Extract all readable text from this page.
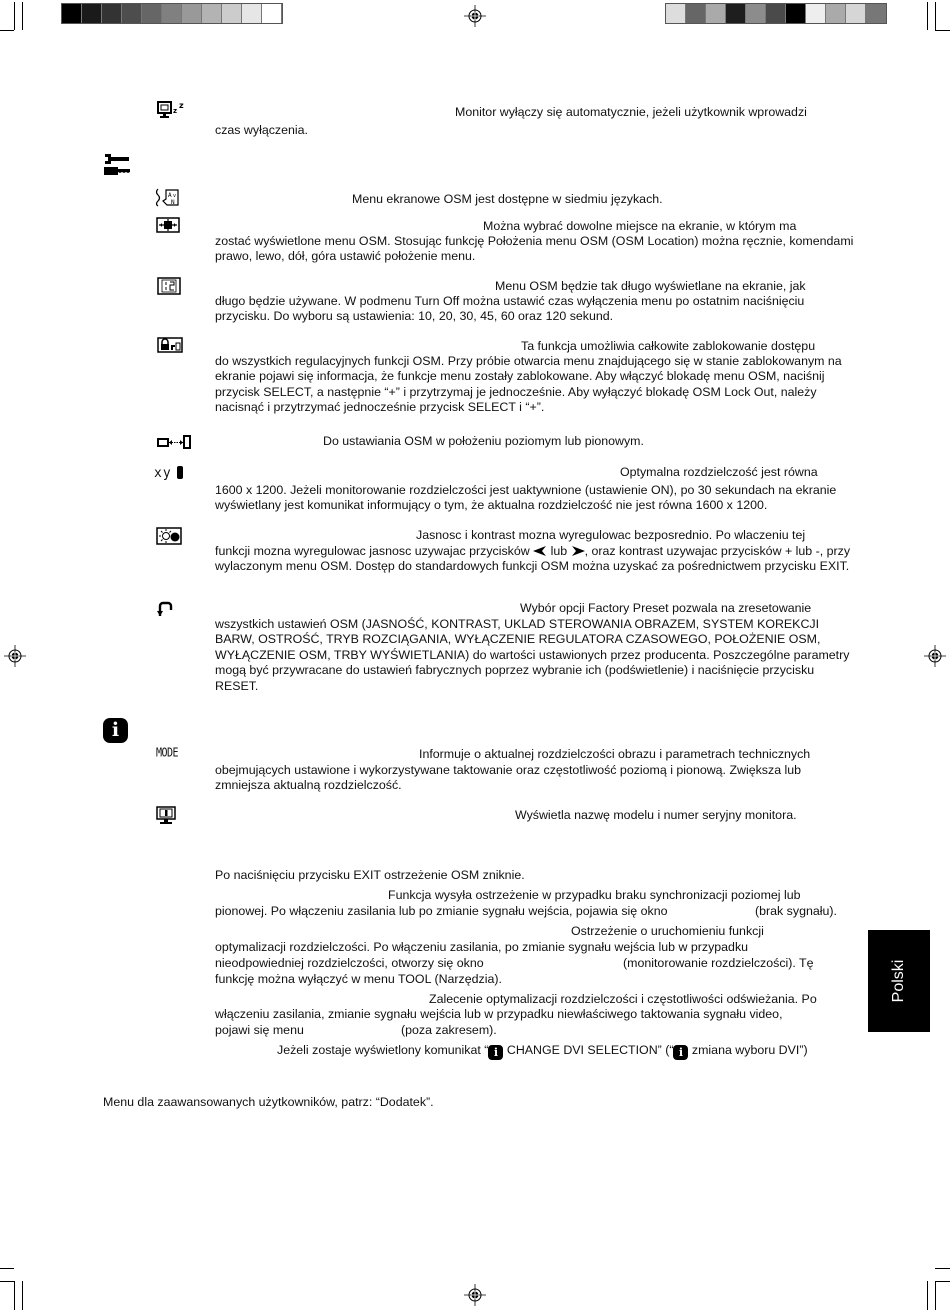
Polski
z
z	Monitor wyłączy się automatycznie, jeżeli użytkownik wprowadzi
czas wyłączenia.
A v
N	Menu ekranowe OSM jest dostępne w siedmiu językach.
Można wybrać dowolne miejsce na ekranie, w którym ma
zostać wyświetlone menu OSM. Stosując funkcję Położenia menu OSM (OSM Location) można ręcznie, komendami prawo, lewo, dół, góra ustawić położenie menu.
Menu OSM będzie tak długo wyświetlane na ekranie, jak
długo będzie używane. W podmenu Turn Off można ustawić czas wyłączenia menu po ostatnim naciśnięciu przycisku. Do wyboru są ustawienia: 10, 20, 30, 45, 60 oraz 120 sekund.
Ta funkcja umożliwia całkowite zablokowanie dostępu
do wszystkich regulacyjnych funkcji OSM. Przy próbie otwarcia menu znajdującego się w stanie zablokowanym na ekranie pojawi się informacja, że funkcje menu zostały zablokowane. Aby włączyć blokadę menu OSM, naciśnij przycisk SELECT, a następnie “+” i przytrzymaj je jednocześnie. Aby wyłączyć blokadę OSM Lock Out, należy nacisnąć i przytrzymać jednocześnie przycisk SELECT i “+”.
Do ustawiania OSM w położeniu poziomym lub pionowym.
xy	Optymalna rozdzielczość jest równa
1600 x 1200. Jeżeli monitorowanie rozdzielczości jest uaktywnione (ustawienie ON), po 30 sekundach na ekranie wyświetlany jest komunikat informujący o tym, że aktualna rozdzielczość nie jest równa 1600 x 1200.
Jasnosc i kontrast mozna wyregulowac bezposrednio. Po wlaczeniu tej
funkcji mozna wyregulowac jasnosc uzywajac przycisków  lub , oraz kontrast uzywajac przycisków + lub -, przy wylaczonym menu OSM. Dostęp do standardowych funkcji OSM można uzyskać za pośrednictwem przycisku EXIT.
Wybór opcji Factory Preset pozwala na zresetowanie
wszystkich ustawień OSM (JASNOŚĆ, KONTRAST, UKLAD STEROWANIA OBRAZEM, SYSTEM KOREKCJI BARW, OSTROŚĆ, TRYB ROZCIĄGANIA, WYŁĄCZENIE REGULATORA CZASOWEGO, POŁOŻENIE OSM, WYŁĄCZENIE OSM, TRBY WYŚWIETLANIA) do wartości ustawionych przez producenta. Poszczególne parametry mogą być przywracane do ustawień fabrycznych poprzez wybranie ich (podświetlenie) i naciśnięcie przycisku RESET.
i
MODE	Informuje o aktualnej rozdzielczości obrazu i parametrach technicznych
obejmujących ustawione i wykorzystywane taktowanie oraz częstotliwość poziomą i pionową. Zwiększa lub zmniejsza aktualną rozdzielczość.
Wyświetla nazwę modelu i numer seryjny monitora.
Po naciśnięciu przycisku EXIT ostrzeżenie OSM zniknie.
Funkcja wysyła ostrzeżenie w przypadku braku synchronizacji poziomej lub
pionowej. Po włączeniu zasilania lub po zmianie sygnału wejścia, pojawia się okno	(brak sygnału).
Ostrzeżenie o uruchomieniu funkcji
optymalizacji rozdzielczości. Po włączeniu zasilania, po zmianie sygnału wejścia lub w przypadku
nieodpowiedniej rozdzielczości, otworzy się okno	(monitorowanie rozdzielczości). Tę
funkcję można wyłączyć w menu TOOL (Narzędzia).
Zalecenie optymalizacji rozdzielczości i częstotliwości odświeżania. Po
włączeniu zasilania, zmianie sygnału wejścia lub w przypadku niewłaściwego taktowania sygnału video,
pojawi się menu	(poza zakresem).
Jeżeli zostaje wyświetlony komunikat “ i CHANGE DVI SELECTION” (“ i zmiana wyboru DVI”)
Menu dla zaawansowanych użytkowników, patrz: “Dodatek”.
